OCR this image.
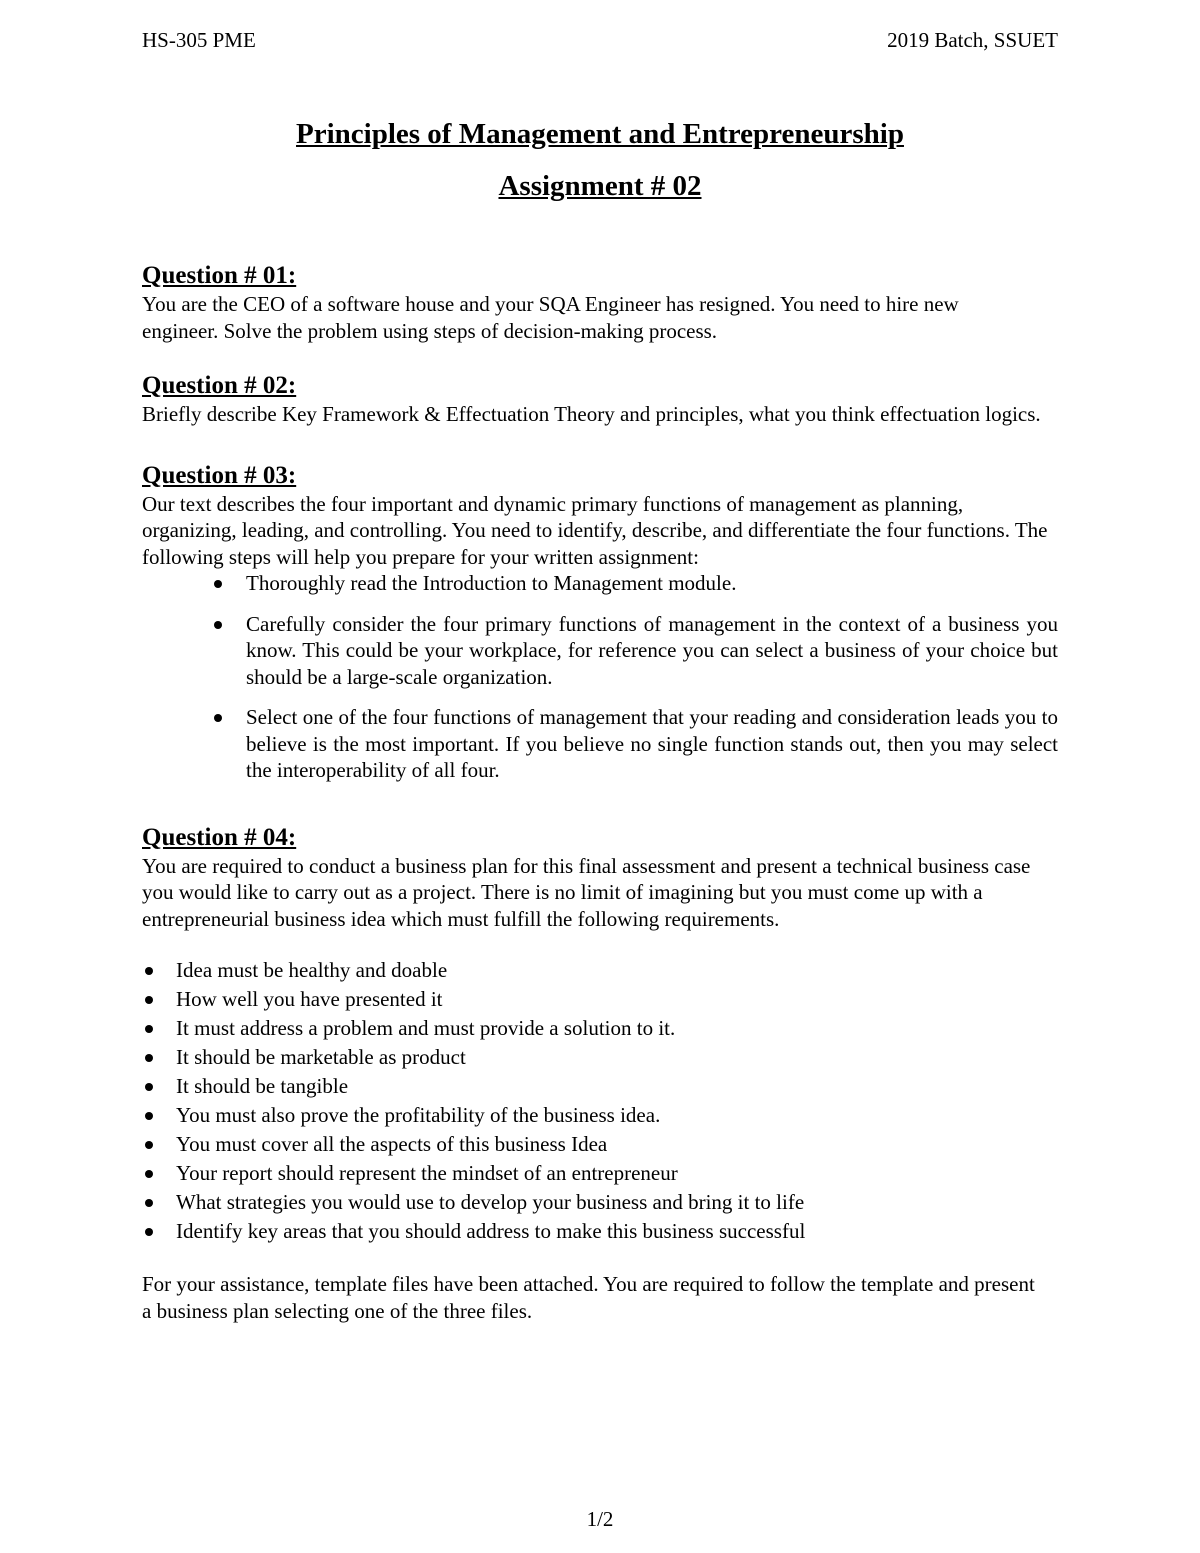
HS-305 PME	2019 Batch, SSUET
Principles of Management and Entrepreneurship
Assignment # 02

Question # 01:

You are the CEO of a software house and your SQA Engineer has resigned. You need to hire new engineer. Solve the problem using steps of decision-making process.

Question # 02:

Briefly describe Key Framework & Effectuation Theory and principles, what you think effectuation logics.

Question # 03:

Our text describes the four important and dynamic primary functions of management as planning, organizing, leading, and controlling. You need to identify, describe, and differentiate the four functions. The following steps will help you prepare for your written assignment:

Thoroughly read the Introduction to Management module.
Carefully consider the four primary functions of management in the context of a business you know. This could be your workplace, for reference you can select a business of your choice but should be a large-scale organization.
Select one of the four functions of management that your reading and consideration leads you to believe is the most important. If you believe no single function stands out, then you may select the interoperability of all four.

Question # 04:

You are required to conduct a business plan for this final assessment and present a technical business case you would like to carry out as a project. There is no limit of imagining but you must come up with a entrepreneurial business idea which must fulfill the following requirements.

Idea must be healthy and doable
How well you have presented it
It must address a problem and must provide a solution to it.
It should be marketable as product
It should be tangible
You must also prove the profitability of the business idea.
You must cover all the aspects of this business Idea
Your report should represent the mindset of an entrepreneur
What strategies you would use to develop your business and bring it to life
Identify key areas that you should address to make this business successful

For your assistance, template files have been attached. You are required to follow the template and present a business plan selecting one of the three files.

1/2
